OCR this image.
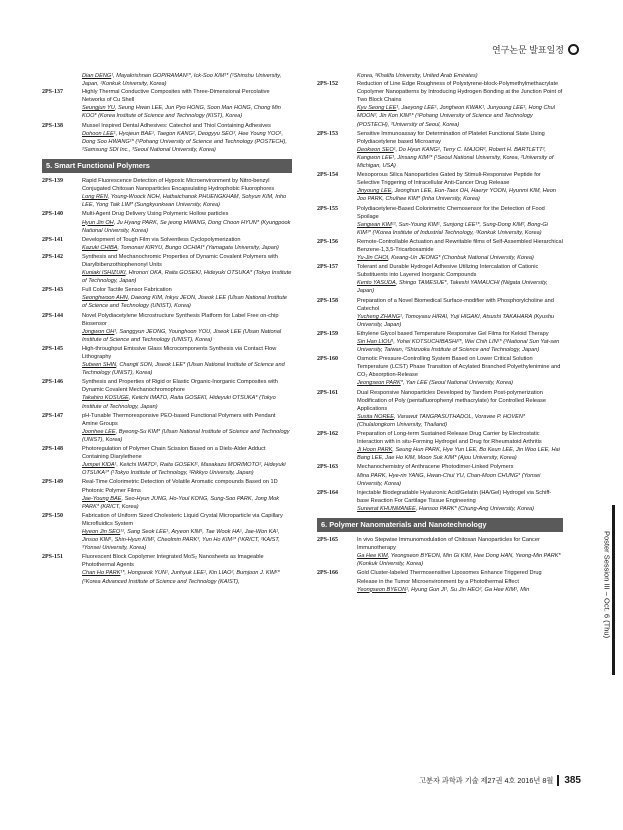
연구논문 발표일정
Dian DENG¹, Mayakrishnan GOPIRAMAN¹*, Ick-Soo KIM¹* (¹Shinshu University, Japan, ²Konkuk University, Korea)
2PS-137	Highly Thermal Conductive Composites with Three-Dimensional Percolative Networks of Cu Shell
Seungjun YU, Seung Hwan LEE, Jun Pyo HONG, Soon Man HONG, Chong Min KOO* (Korea Institute of Science and Technology (KIST), Korea)
2PS-138	Mussel Inspired Dental Adhesives: Catechol and Thiol Containing Adhesives
Dohoon LEE¹, Hyojeun BAE¹, Taegon KANG², Deogyyu SEO³, Hee Young YOO¹, Dong Soo HWANG¹* (¹Pohang University of Science and Technology (POSTECH), ²Samsung SDI Inc., ³Seoul National University, Korea)
5. Smart Functional Polymers
2PS-139	Rapid Fluorescence Detection of Hypoxic Microenvironment by Nitro-benzyl Conjugated Chitosan Nanoparticles Encapsulating Hydrophobic Fluorophores
Long REN, Young-Woock NOH, Hathaichanok PHUENGKHAM, Sohyun KIM, Inho LEE, Yong Taik LIM* (Sungkyunkwan University, Korea)
2PS-140	Multi-Agent Drug Delivery Using Polymeric Hollow particles
Hyun Jin OH, Ju Hyang PARK, Se jeong HWANG, Dong Choon HYUN* (Kyungpook National University, Korea)
2PS-141	Development of Tough Film via Solventless Cyclopolymerization
Kazuki CHIBA, Tomonari KIRYU, Bungo OCHIAI* (Yamagata University, Japan)
2PS-142	Synthesis and Mechanochromic Properties of Dynamic Covalent Polymers with Diarylbibenzothiophenonyl Units
Kuniaki ISHIZUKI, Hironori OKA, Raita GOSEKI, Hideyuki OTSUKA* (Tokyo Institute of Technology, Japan)
2PS-143	Full Color Tactile Sensor Fabrication
Seonghwoon AHN, Daeong KIM, Inkyu JEON, Jiseok LEE (Ulsan National Institute of Science and Technology (UNIST), Korea)
2PS-144	Novel Polydiacetylene Microstructure Synthesis Platform for Label Free on-chip Biosensor
Jongwon OH¹, Sanggyun JEONG, Younghoon YOU, Jiseok LEE (Ulsan National Institute of Science and Technology (UNIST), Korea)
2PS-145	High-throughput Emissive Glass Microcomponents Synthesis via Contact Flow Lithography
Subeen SHIN, Changil SON, Jiseok LEE* (Ulsan National Institute of Science and Technology (UNIST), Korea)
2PS-146	Synthesis and Properties of Rigid or Elastic Organic-Inorganic Composites with Dynamic Covalent Mechanochromophore
Takahiro KOSUGE, Keiichi IMATO, Raita GOSEKI, Hideyuki OTSUKA* (Tokyo Institute of Technology, Japan)
2PS-147	pH-Tunable Thermoresponsive PEO-based Functional Polymers with Pendant Amine Groups
Joonhee LEE, Byeong-Su KIM* (Ulsan National Institute of Science and Technology (UNIST), Korea)
2PS-148	Photoregulation of Polymer Chain Scission Based on a Diels-Alder Adduct Containing Diarylethene
Jumpei KIDA¹, Keiichi IMATO¹, Raita GOSEKI¹, Masakazu MORIMOTO², Hideyuki OTSUKA¹* (¹Tokyo Institute of Technology, ²Rikkyo University, Japan)
2PS-149	Real-Time Colorimetric Detection of Volatile Aromatic compounds Based on 1D Photonic Polymer Films
Jae-Young BAE, Seo-Hyun JUNG, Ho-Youl KONG, Sung-Soo PARK, Jong Mok PARK* (KRICT, Korea)
2PS-150	Fabrication of Uniform Sized Cholesteric Liquid Crystal Microparticle via Capillary Microfluidics System
Hyeon Jin SEO¹², Sang Seok LEE¹, Aryeon KIM¹, Tae Wook HA¹, Jae-Won KA¹, Jinsoo KIM¹, Shin-Hyun KIM², Cheolmin PARK³, Yun Ho KIM¹* (¹KRICT, ²KAIST, ³Yonsei University, Korea)
2PS-151	Fluorescent Block Copolymer Integrated MoS₂ Nanosheets as Imageable Photothermal Agents
Chan Ho PARK¹*, Hongseok YUN¹, Junhyuk LEE¹, Kin LIAO², Bumjoon J. KIM¹* (¹Korea Advanced Institute of Science and Technology (KAIST),
Korea, ²Khalifa University, United Arab Emirates)
2PS-152	Reduction of Line Edge Roughness of Polystyrene-block-Polymethylmethacrylate Copolymer Nanopatterns by Introducing Hydrogen Bonding at the Junction Point of Two Block Chains
Kyu Seong LEE¹, Jaeyong LEE¹, Jongheon KWAK¹, Junyoung LEE¹, Hong Chul MOON², Jin Kon KIM¹* (¹Pohang University of Science and Technology (POSTECH), ²University of Seoul, Korea)
2PS-153	Sensitive Immunoassay for Determination of Platelet Functional State Using Polydiacetylene based Microarray
Deokwon SEO¹, Do Hyun KANG², Terry C. MAJOR², Robert H. BARTLETT², Kangwon LEE¹, Jinsang KIM²* (¹Seoul National University, Korea, ²University of Michigan, USA)
2PS-154	Mesoporous Silica Nanoparticles Gated by Stimuli-Responsive Peptide for Selective Triggering of Intracellular Anti-Cancer Drug Release
Jinyoung LEE, Jeonghun LEE, Eun-Taex OH, Haeryr YOON, Hyunmi KIM, Heon Joo PARK, Chulhee KIM* (Inha University, Korea)
2PS-155	Polydiacetylene-Based Colorimetric Chemosensor for the Detection of Food Spoilage
Sangwan KIM¹², Sun-Young KIM¹, Sunjong LEE¹*, Sung-Dong KIM², Bong-Gi KIM¹* (¹Korea Institute of Industrial Technology, ²Konkuk University, Korea)
2PS-156	Remote-Controllable Actuation and Rewritable films of Self-Assembled Hierarchical Benzene-1,3,5-Tricarboxamide
Yu-Jin CHOI, Kwang-Un JEONG* (Chonbuk National University, Korea)
2PS-157	Tolerant and Durable Hydrogel Adhesive Utilizing Intercalation of Cationic Substituents into Layered Inorganic Compounds
Kento YASUDA, Shingo TAMESUE*, Takeshi YAMAUCHI (Niigata University, Japan)
2PS-158	Preparation of a Novel Biomedical Surface-modifier with Phosphorylcholine and Catechol
Yucheng ZHANG¹, Tomoyasu HIRAI, Yuji HIGAKI, Atsushi TAKAHARA (Kyushu University, Japan)
2PS-159	Ethylene Glycol based Temperature Responsive Gel Films for Keloid Therapy
Sin Han LIOU¹, Yohei KOTSUCHIBASHI²*, Wei Chih LIN¹* (¹National Sun Yat-sen University, Taiwan, ²Shizuoka Institute of Science and Technology, Japan)
2PS-160	Osmotic Pressure-Controlling System Based on Lower Critical Solution Temperature (LCST) Phase Transition of Acylated Branched Polyethylenimine and CO₂ Absorption-Release
Jeongseon PARK*, Yan LEE (Seoul National University, Korea)
2PS-161	Dual Responsive Nanoparticles Developed by Tandem Post-polymerization Modification of Poly (pentafluorophenyl methacrylate) for Controlled Release Applications
Susita NOREE, Varawut TANGPASUTHADOL, Voravee P. HOVEN* (Chulalongkorn University, Thailand)
2PS-162	Preparation of Long-term Sustained Release Drug Carrier by Electrostatic Interaction with in situ-Forming Hydrogel and Drug for Rheumatoid Arthritis
Ji Hoon PARK, Seung Hun PARK, Hye Yun LEE, Bo Keun LEE, Jin Woo LEE, Hai Bang LEE, Jae Ho KIM, Moon Suk KIM* (Ajou University, Korea)
2PS-163	Mechanochemistry of Anthracene Photodimer-Linked Polymers
Mina PARK, Hye-rin YANG, Hwan-Chul YU, Chan-Moon CHUNG* (Yonsei University, Korea)
2PS-164	Injectable Biodegradable Hyaluronic Acid/Gelatin (HA/Gel) Hydrogel via Schiff-base Reaction For Cartilage Tissue Engineering
Sureerat KHUNMANEE, Hansoo PARK* (Chung-Ang University, Korea)
6. Polymer Nanomaterials and Nanotechnology
2PS-165	In vivo Stepwise Immunomodulation of Chitosan Nanoparticles for Cancer Immunotherapy
Ga Hee KIM, Yeongseon BYEON, Min Gi KIM, Hee Dong HAN, Yeong-Min PARK* (Konkuk University, Korea)
2PS-166	Gold Cluster-labeled Thermosensitive Liposomes Enhance Triggered Drug Release in the Tumor Microenvironment by a Photothermal Effect
Yeongseon BYEON¹, Hyung Gun JI¹, Su Jin HEO², Ga Hee KIM¹, Min	Poster Session III – Oct. 6 (Thu)
고분자 과학과 기술 제27권 4호 2016년 8월	385
